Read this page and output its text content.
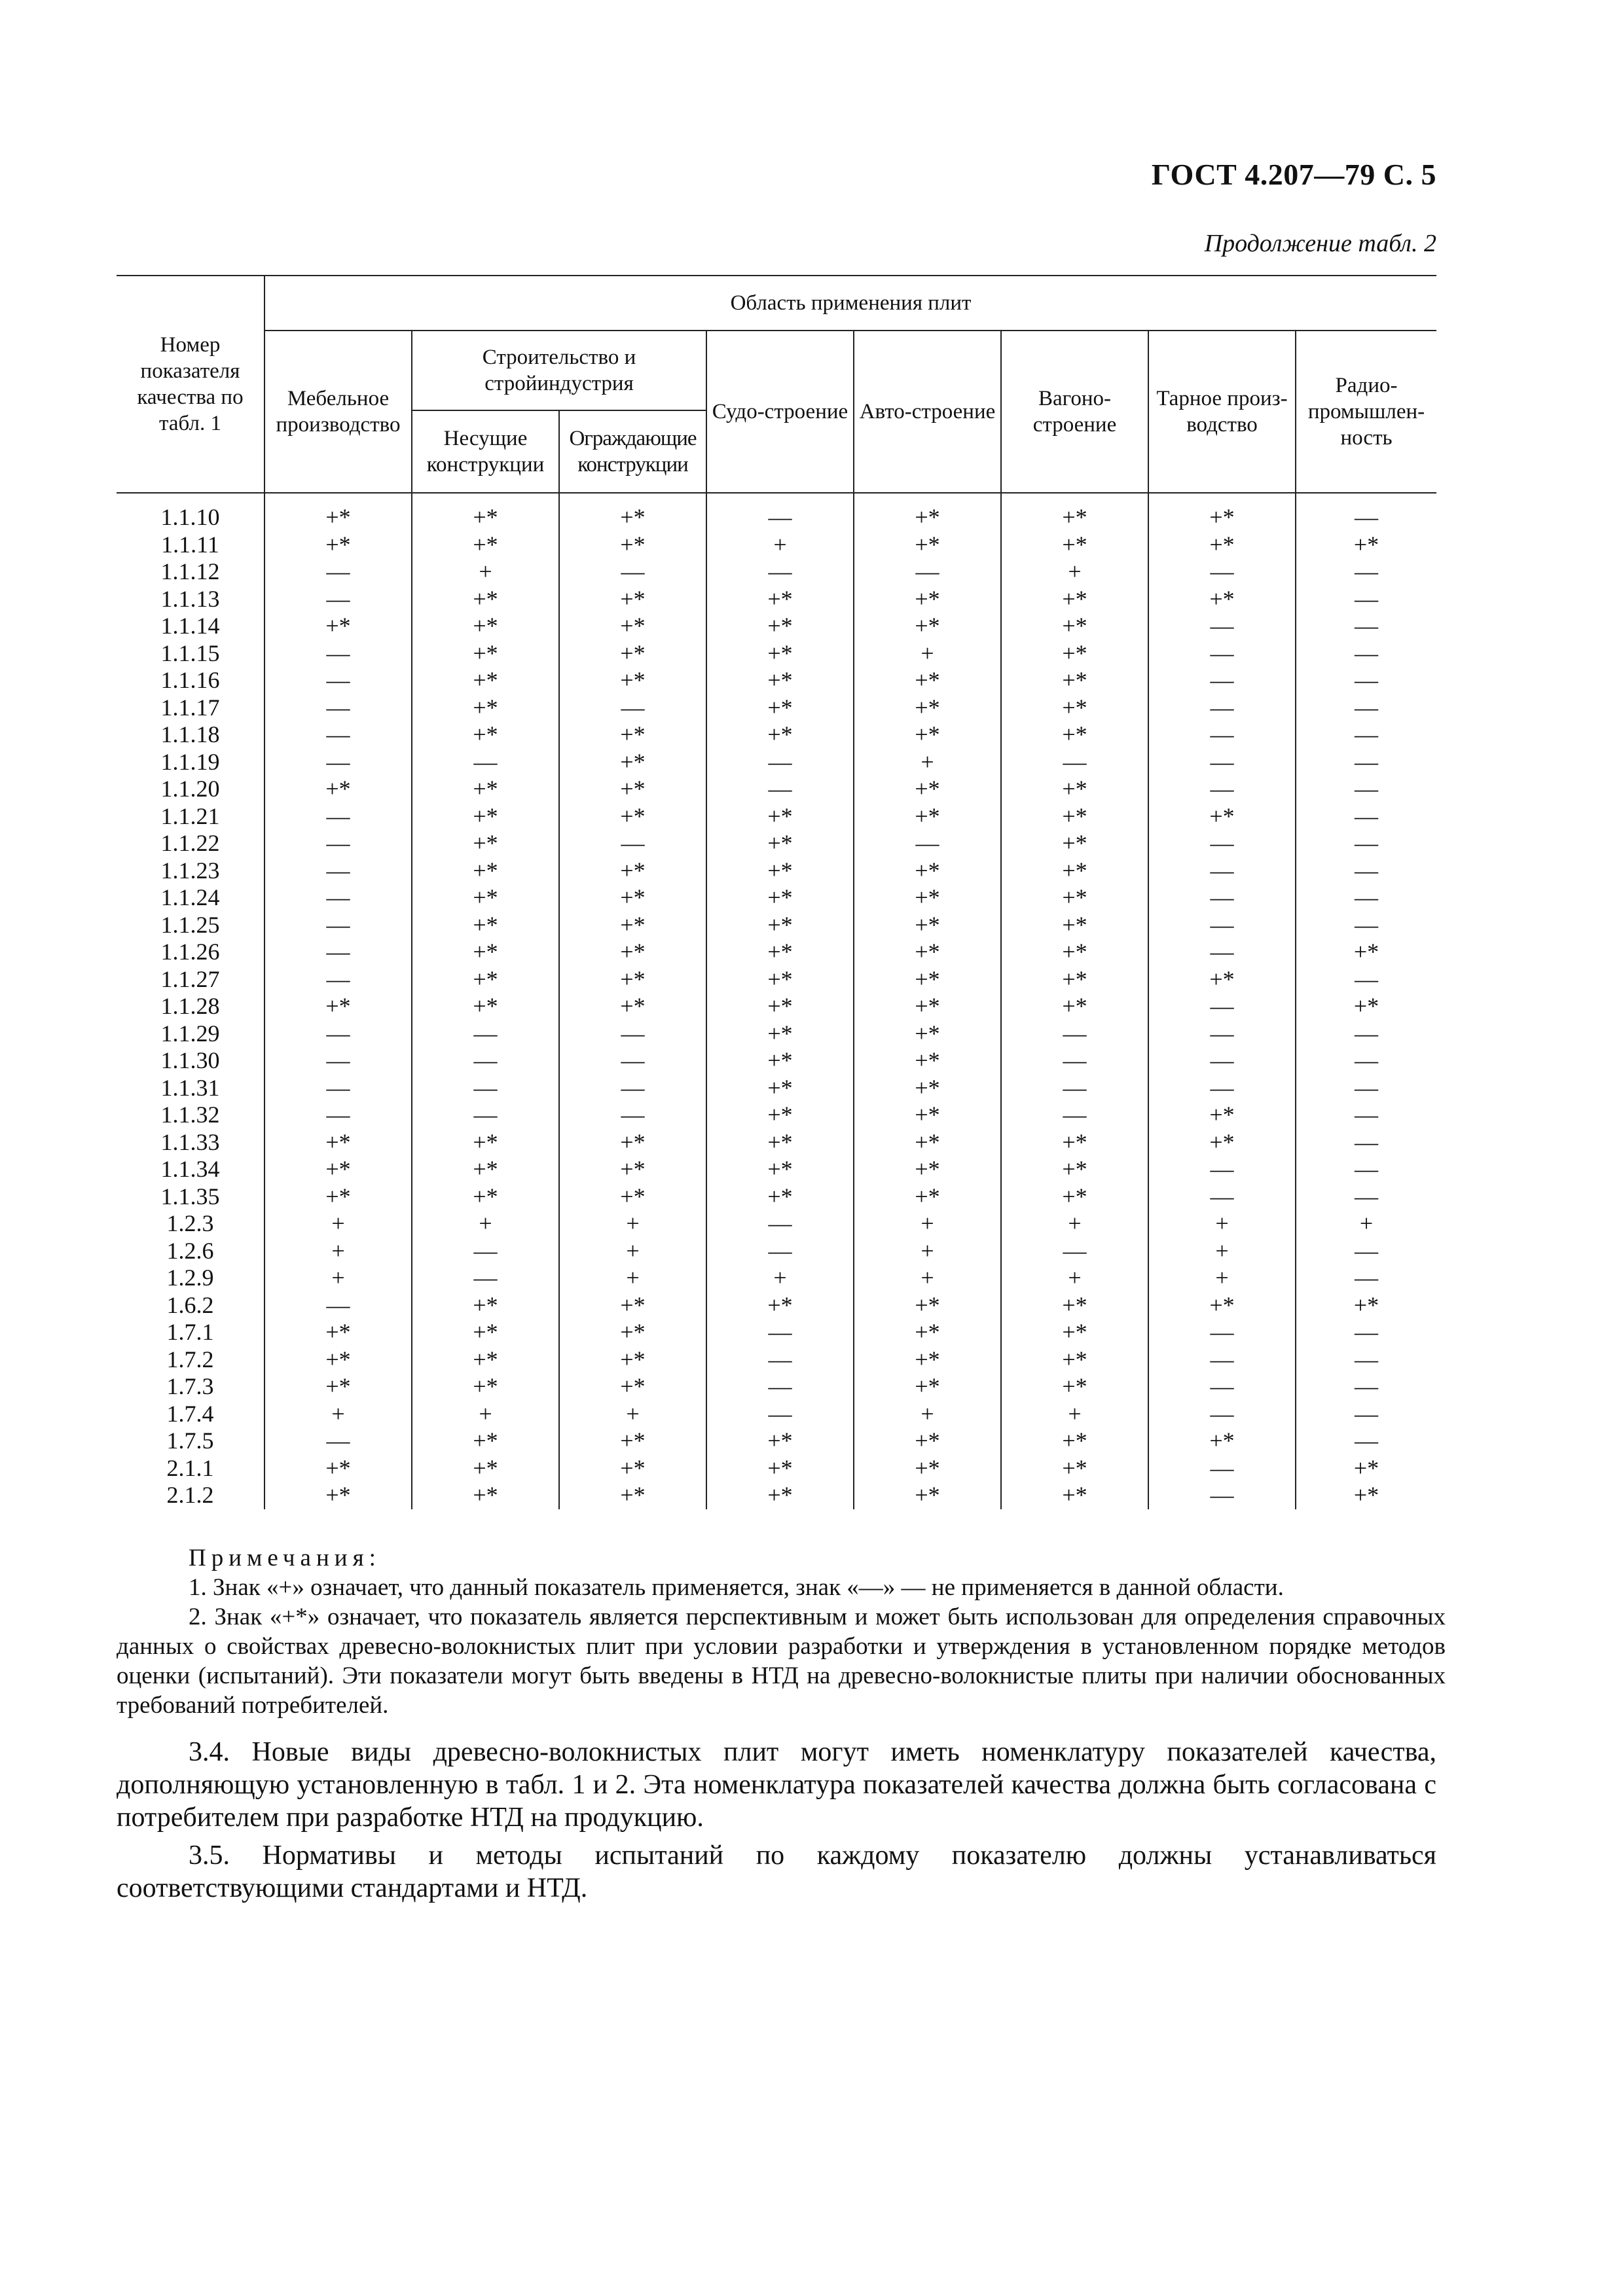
ГОСТ 4.207—79 С. 5
Продолжение табл. 2
Номер показателя качества по табл. 1	Область применения плит							
	Мебельное производство	Строительство и стройиндустрия		Судо-строение	Авто-строение	Вагоно-строение	Тарное произ-водство	Радио-промышлен-ность
		Несущие конструкции	Ограждающие конструкции					

1.1.10	+*	+*	+*	—	+*	+*	+*	—
1.1.11	+*	+*	+*	+	+*	+*	+*	+*
1.1.12	—	+	—	—	—	+	—	—
1.1.13	—	+*	+*	+*	+*	+*	+*	—
1.1.14	+*	+*	+*	+*	+*	+*	—	—
1.1.15	—	+*	+*	+*	+	+*	—	—
1.1.16	—	+*	+*	+*	+*	+*	—	—
1.1.17	—	+*	—	+*	+*	+*	—	—
1.1.18	—	+*	+*	+*	+*	+*	—	—
1.1.19	—	—	+*	—	+	—	—	—
1.1.20	+*	+*	+*	—	+*	+*	—	—
1.1.21	—	+*	+*	+*	+*	+*	+*	—
1.1.22	—	+*	—	+*	—	+*	—	—
1.1.23	—	+*	+*	+*	+*	+*	—	—
1.1.24	—	+*	+*	+*	+*	+*	—	—
1.1.25	—	+*	+*	+*	+*	+*	—	—
1.1.26	—	+*	+*	+*	+*	+*	—	+*
1.1.27	—	+*	+*	+*	+*	+*	+*	—
1.1.28	+*	+*	+*	+*	+*	+*	—	+*
1.1.29	—	—	—	+*	+*	—	—	—
1.1.30	—	—	—	+*	+*	—	—	—
1.1.31	—	—	—	+*	+*	—	—	—
1.1.32	—	—	—	+*	+*	—	+*	—
1.1.33	+*	+*	+*	+*	+*	+*	+*	—
1.1.34	+*	+*	+*	+*	+*	+*	—	—
1.1.35	+*	+*	+*	+*	+*	+*	—	—
1.2.3	+	+	+	—	+	+	+	+
1.2.6	+	—	+	—	+	—	+	—
1.2.9	+	—	+	+	+	+	+	—
1.6.2	—	+*	+*	+*	+*	+*	+*	+*
1.7.1	+*	+*	+*	—	+*	+*	—	—
1.7.2	+*	+*	+*	—	+*	+*	—	—
1.7.3	+*	+*	+*	—	+*	+*	—	—
1.7.4	+	+	+	—	+	+	—	—
1.7.5	—	+*	+*	+*	+*	+*	+*	—
2.1.1	+*	+*	+*	+*	+*	+*	—	+*
2.1.2	+*	+*	+*	+*	+*	+*	—	+*
Примечания:
1. Знак «+» означает, что данный показатель применяется, знак «—» — не применяется в данной области.
2. Знак «+*» означает, что показатель является перспективным и может быть использован для определения справочных данных о свойствах древесно-волокнистых плит при условии разработки и утверждения в установленном порядке методов оценки (испытаний). Эти показатели могут быть введены в НТД на древесно-волокнистые плиты при наличии обоснованных требований потребителей.
3.4. Новые виды древесно-волокнистых плит могут иметь номенклатуру показателей качества, дополняющую установленную в табл. 1 и 2. Эта номенклатура показателей качества должна быть согласована с потребителем при разработке НТД на продукцию.
3.5. Нормативы и методы испытаний по каждому показателю должны устанавливаться соответствующими стандартами и НТД.
